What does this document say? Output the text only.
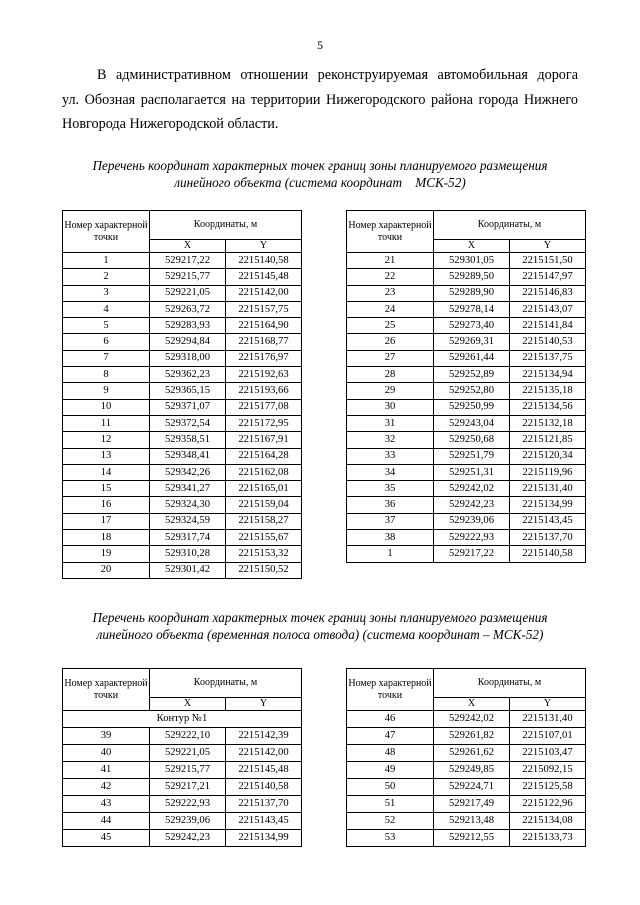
5
В административном отношении реконструируемая автомобильная дорога
ул. Обозная располагается на территории Нижегородского района города Нижнего
Новгорода Нижегородской области.
Перечень координат характерных точек границ зоны планируемого размещения
линейного объекта (система координат    МСК-52)
Номер характерной точки	Координаты, м	
	X	Y
1	529217,22	2215140,58
2	529215,77	2215145,48
3	529221,05	2215142,00
4	529263,72	2215157,75
5	529283,93	2215164,90
6	529294,84	2215168,77
7	529318,00	2215176,97
8	529362,23	2215192,63
9	529365,15	2215193,66
10	529371,07	2215177,08
11	529372,54	2215172,95
12	529358,51	2215167,91
13	529348,41	2215164,28
14	529342,26	2215162,08
15	529341,27	2215165,01
16	529324,30	2215159,04
17	529324,59	2215158,27
18	529317,74	2215155,67
19	529310,28	2215153,32
20	529301,42	2215150,52
Номер характерной точки	Координаты, м	
	X	Y
21	529301,05	2215151,50
22	529289,50	2215147,97
23	529289,90	2215146,83
24	529278,14	2215143,07
25	529273,40	2215141,84
26	529269,31	2215140,53
27	529261,44	2215137,75
28	529252,89	2215134,94
29	529252,80	2215135,18
30	529250,99	2215134,56
31	529243,04	2215132,18
32	529250,68	2215121,85
33	529251,79	2215120,34
34	529251,31	2215119,96
35	529242,02	2215131,40
36	529242,23	2215134,99
37	529239,06	2215143,45
38	529222,93	2215137,70
1	529217,22	2215140,58
Перечень координат характерных точек границ зоны планируемого размещения
линейного объекта (временная полоса отвода) (система координат – МСК-52)
Номер характерной точки	Координаты, м	
	X	Y
Контур №1		
39	529222,10	2215142,39
40	529221,05	2215142,00
41	529215,77	2215145,48
42	529217,21	2215140,58
43	529222,93	2215137,70
44	529239,06	2215143,45
45	529242,23	2215134,99
Номер характерной точки	Координаты, м	
	X	Y
46	529242,02	2215131,40
47	529261,82	2215107,01
48	529261,62	2215103,47
49	529249,85	2215092,15
50	529224,71	2215125,58
51	529217,49	2215122,96
52	529213,48	2215134,08
53	529212,55	2215133,73
